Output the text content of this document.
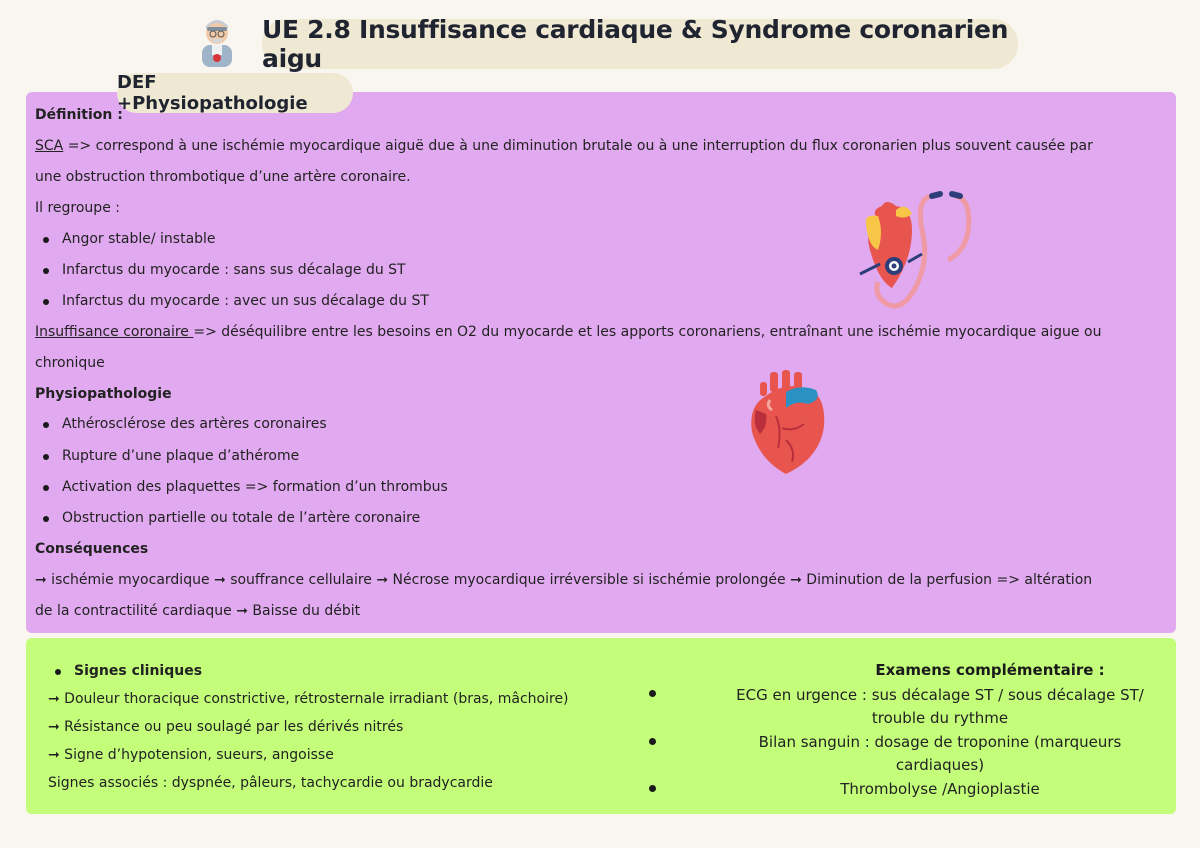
UE 2.8 Insuffisance cardiaque & Syndrome coronarien aigu
DEF +Physiopathologie
Définition :
SCA => correspond à une ischémie myocardique aiguë due à une diminution brutale ou à une interruption du flux coronarien plus souvent causée par
une obstruction thrombotique d’une artère coronaire.
Il regroupe :
Angor stable/ instable
Infarctus du myocarde : sans sus décalage du ST
Infarctus du myocarde : avec un sus décalage du ST
Insuffisance coronaire => déséquilibre entre les besoins en O2 du myocarde et les apports coronariens, entraînant une ischémie myocardique aigue ou
chronique
Physiopathologie
Athérosclérose des artères coronaires
Rupture d’une plaque d’athérome
Activation des plaquettes => formation d’un thrombus
Obstruction partielle ou totale de l’artère coronaire
Conséquences
➞ ischémie myocardique ➞ souffrance cellulaire ➞ Nécrose myocardique irréversible si ischémie prolongée ➞ Diminution de la perfusion => altération
de la contractilité cardiaque ➞ Baisse du débit
Signes cliniques
➞ Douleur thoracique constrictive, rétrosternale irradiant (bras, mâchoire)
➞ Résistance ou peu soulagé par les dérivés nitrés
➞ Signe d’hypotension, sueurs, angoisse
Signes associés : dyspnée, pâleurs, tachycardie ou bradycardie
Examens complémentaire :
ECG en urgence : sus décalage ST / sous décalage ST/
trouble du rythme
Bilan sanguin : dosage de troponine (marqueurs
cardiaques)
Thrombolyse /Angioplastie
